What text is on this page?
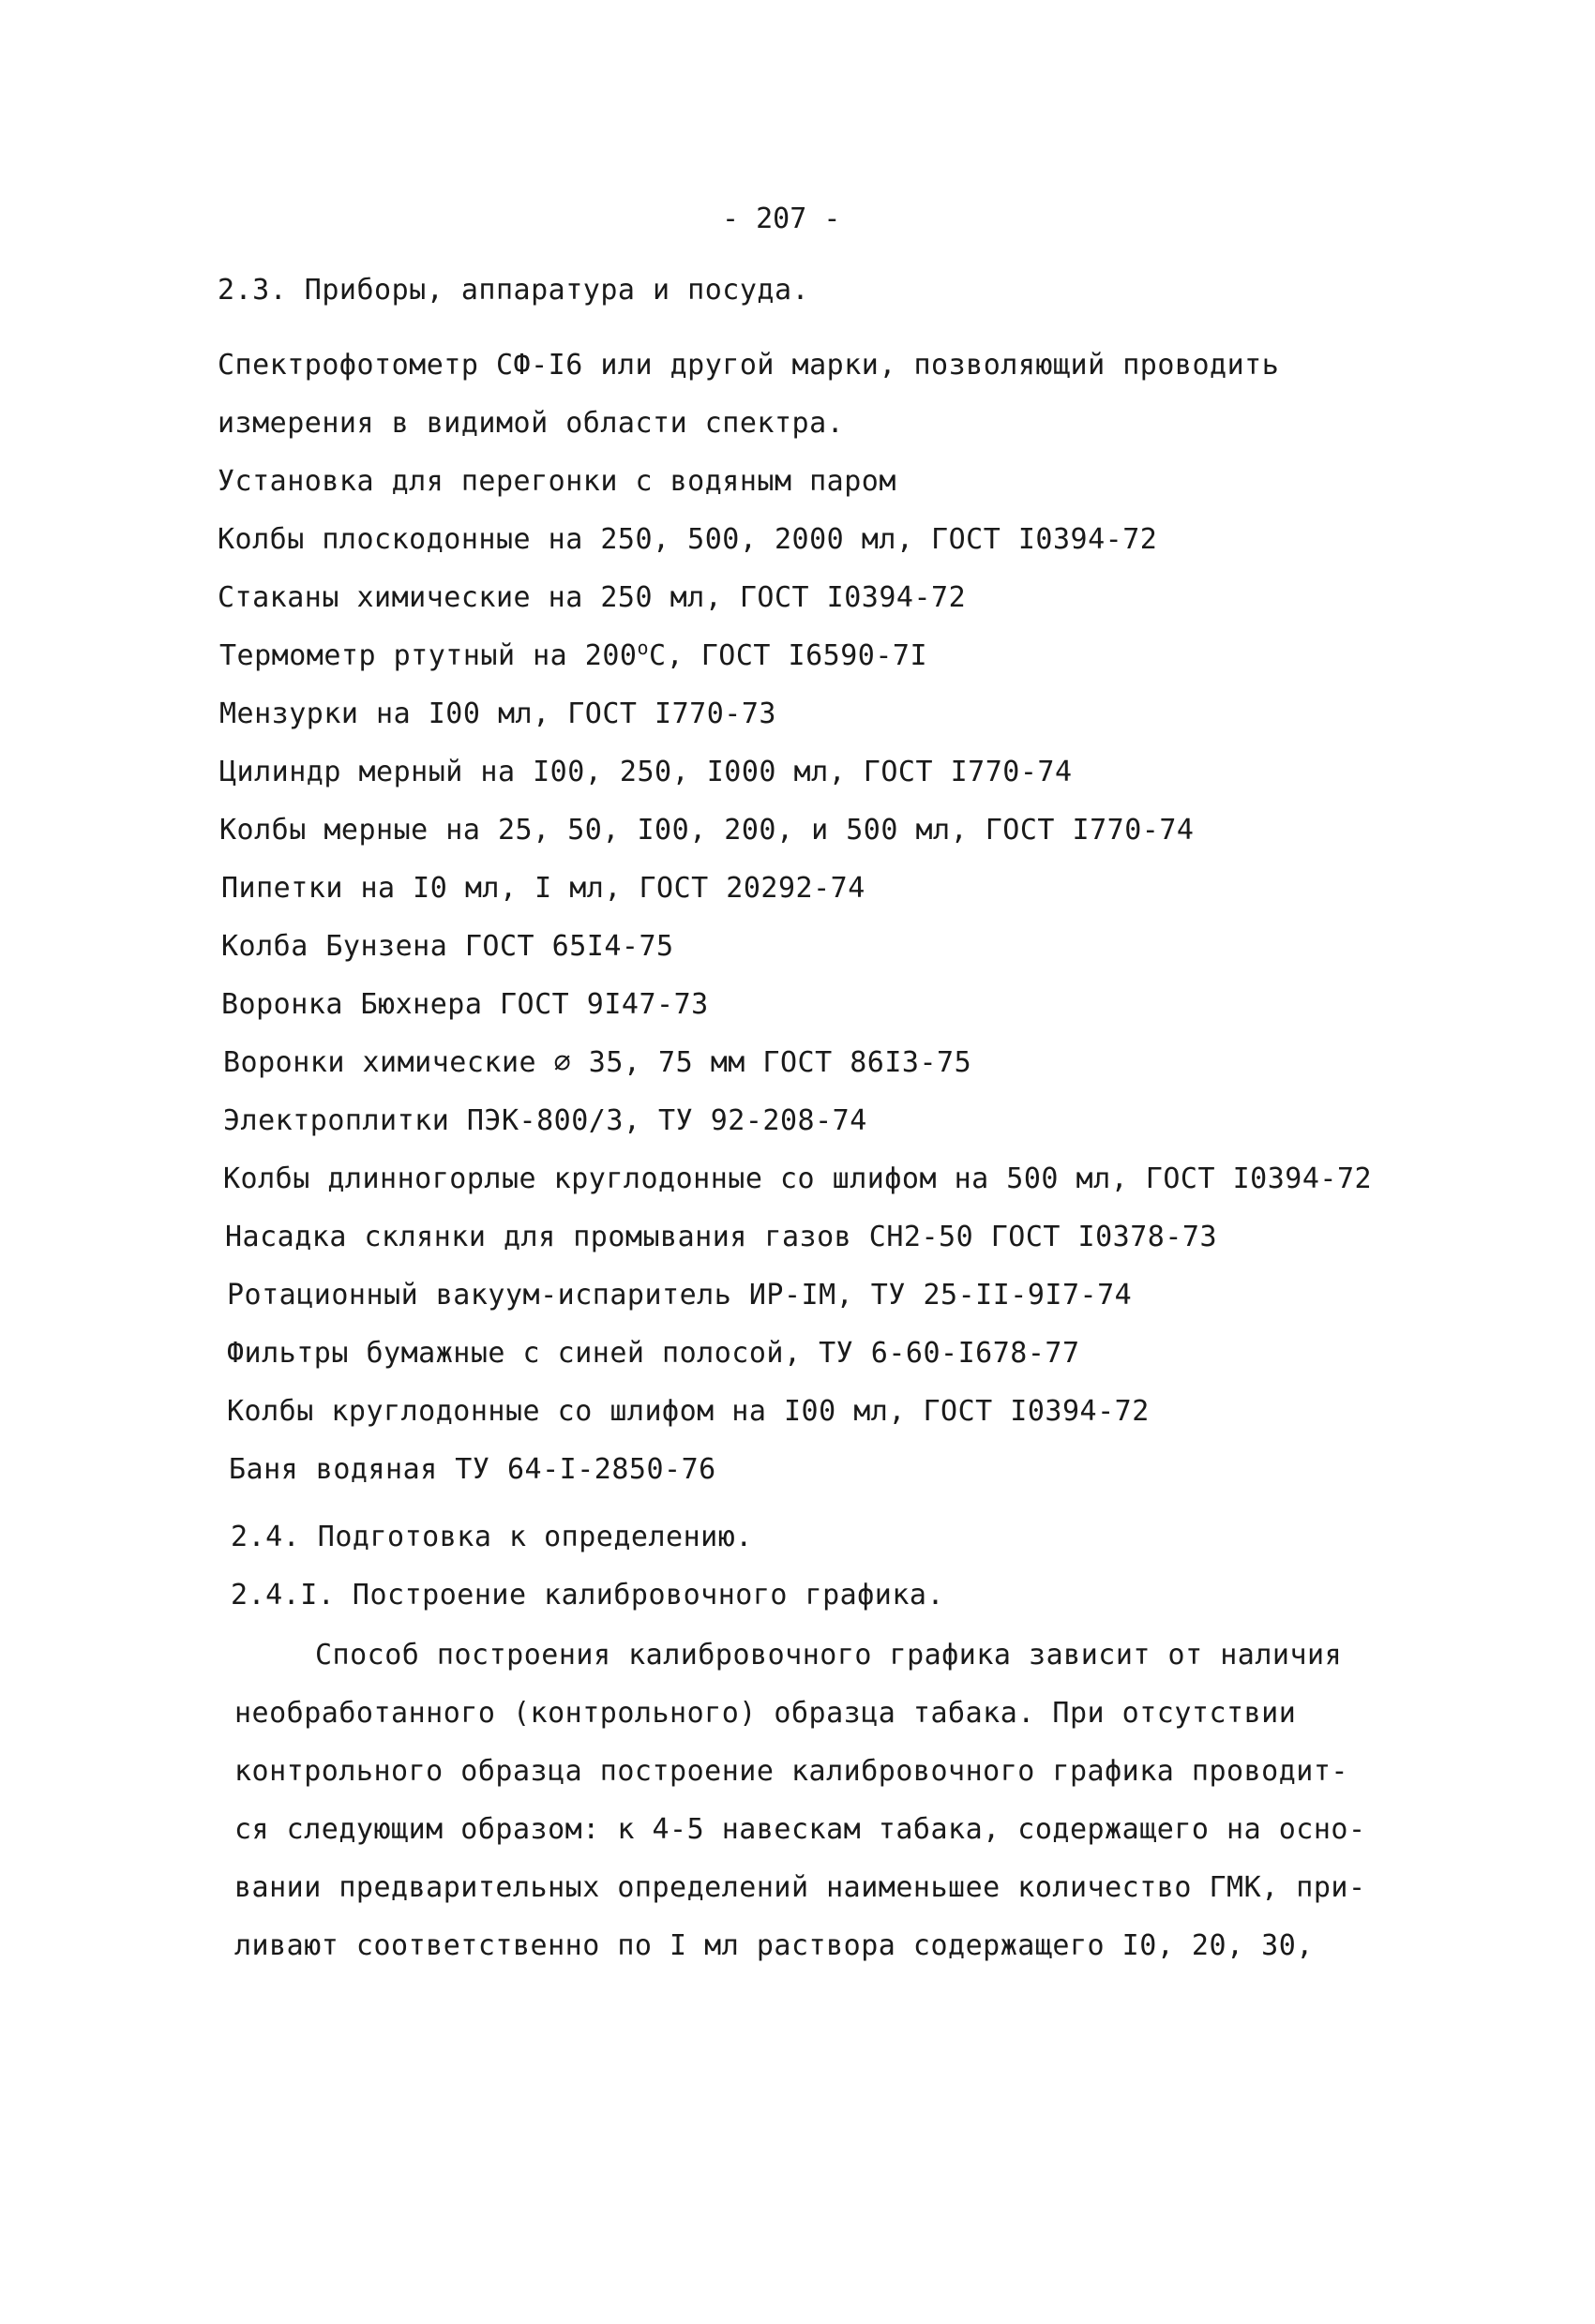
- 207 -
2.3. Приборы, аппаратура и посуда.
Спектрофотометр СФ-I6 или другой марки, позволяющий проводить
измерения в видимой области спектра.
Установка для перегонки с водяным паром
Колбы плоскодонные на 250, 500, 2000 мл, ГОСТ I0394-72
Стаканы химические на 250 мл, ГОСТ I0394-72
Термометр ртутный на $200^оС$, ГОСТ I6590-7I
Мензурки на I00 мл, ГОСТ I770-73
Цилиндр мерный на I00, 250, I000 мл, ГОСТ I770-74
Колбы мерные на 25, 50, I00, 200, и 500 мл, ГОСТ I770-74
Пипетки на I0 мл, I мл, ГОСТ 20292-74
Колба Бунзена ГОСТ 65I4-75
Воронка Бюхнера ГОСТ 9I47-73
Воронки химические ⌀ 35, 75 мм ГОСТ 86I3-75
Электроплитки ПЭК-800/3, ТУ 92-208-74
Колбы длинногорлые круглодонные со шлифом на 500 мл, ГОСТ I0394-72
Насадка склянки для промывания газов СН2-50 ГОСТ I0378-73
Ротационный вакуум-испаритель ИР-IМ, ТУ 25-II-9I7-74
Фильтры бумажные с синей полосой, ТУ 6-60-I678-77
Колбы круглодонные со шлифом на I00 мл, ГОСТ I0394-72
Баня водяная ТУ 64-I-2850-76
2.4. Подготовка к определению.
2.4.I. Построение калибровочного графика.
Способ построения калибровочного графика зависит от наличия
необработанного (контрольного) образца табака. При отсутствии
контрольного образца построение калибровочного графика проводит-
ся следующим образом: к 4-5 навескам табака, содержащего на осно-
вании предварительных определений наименьшее количество ГМК, при-
ливают соответственно по I мл раствора содержащего I0, 20, 30,
